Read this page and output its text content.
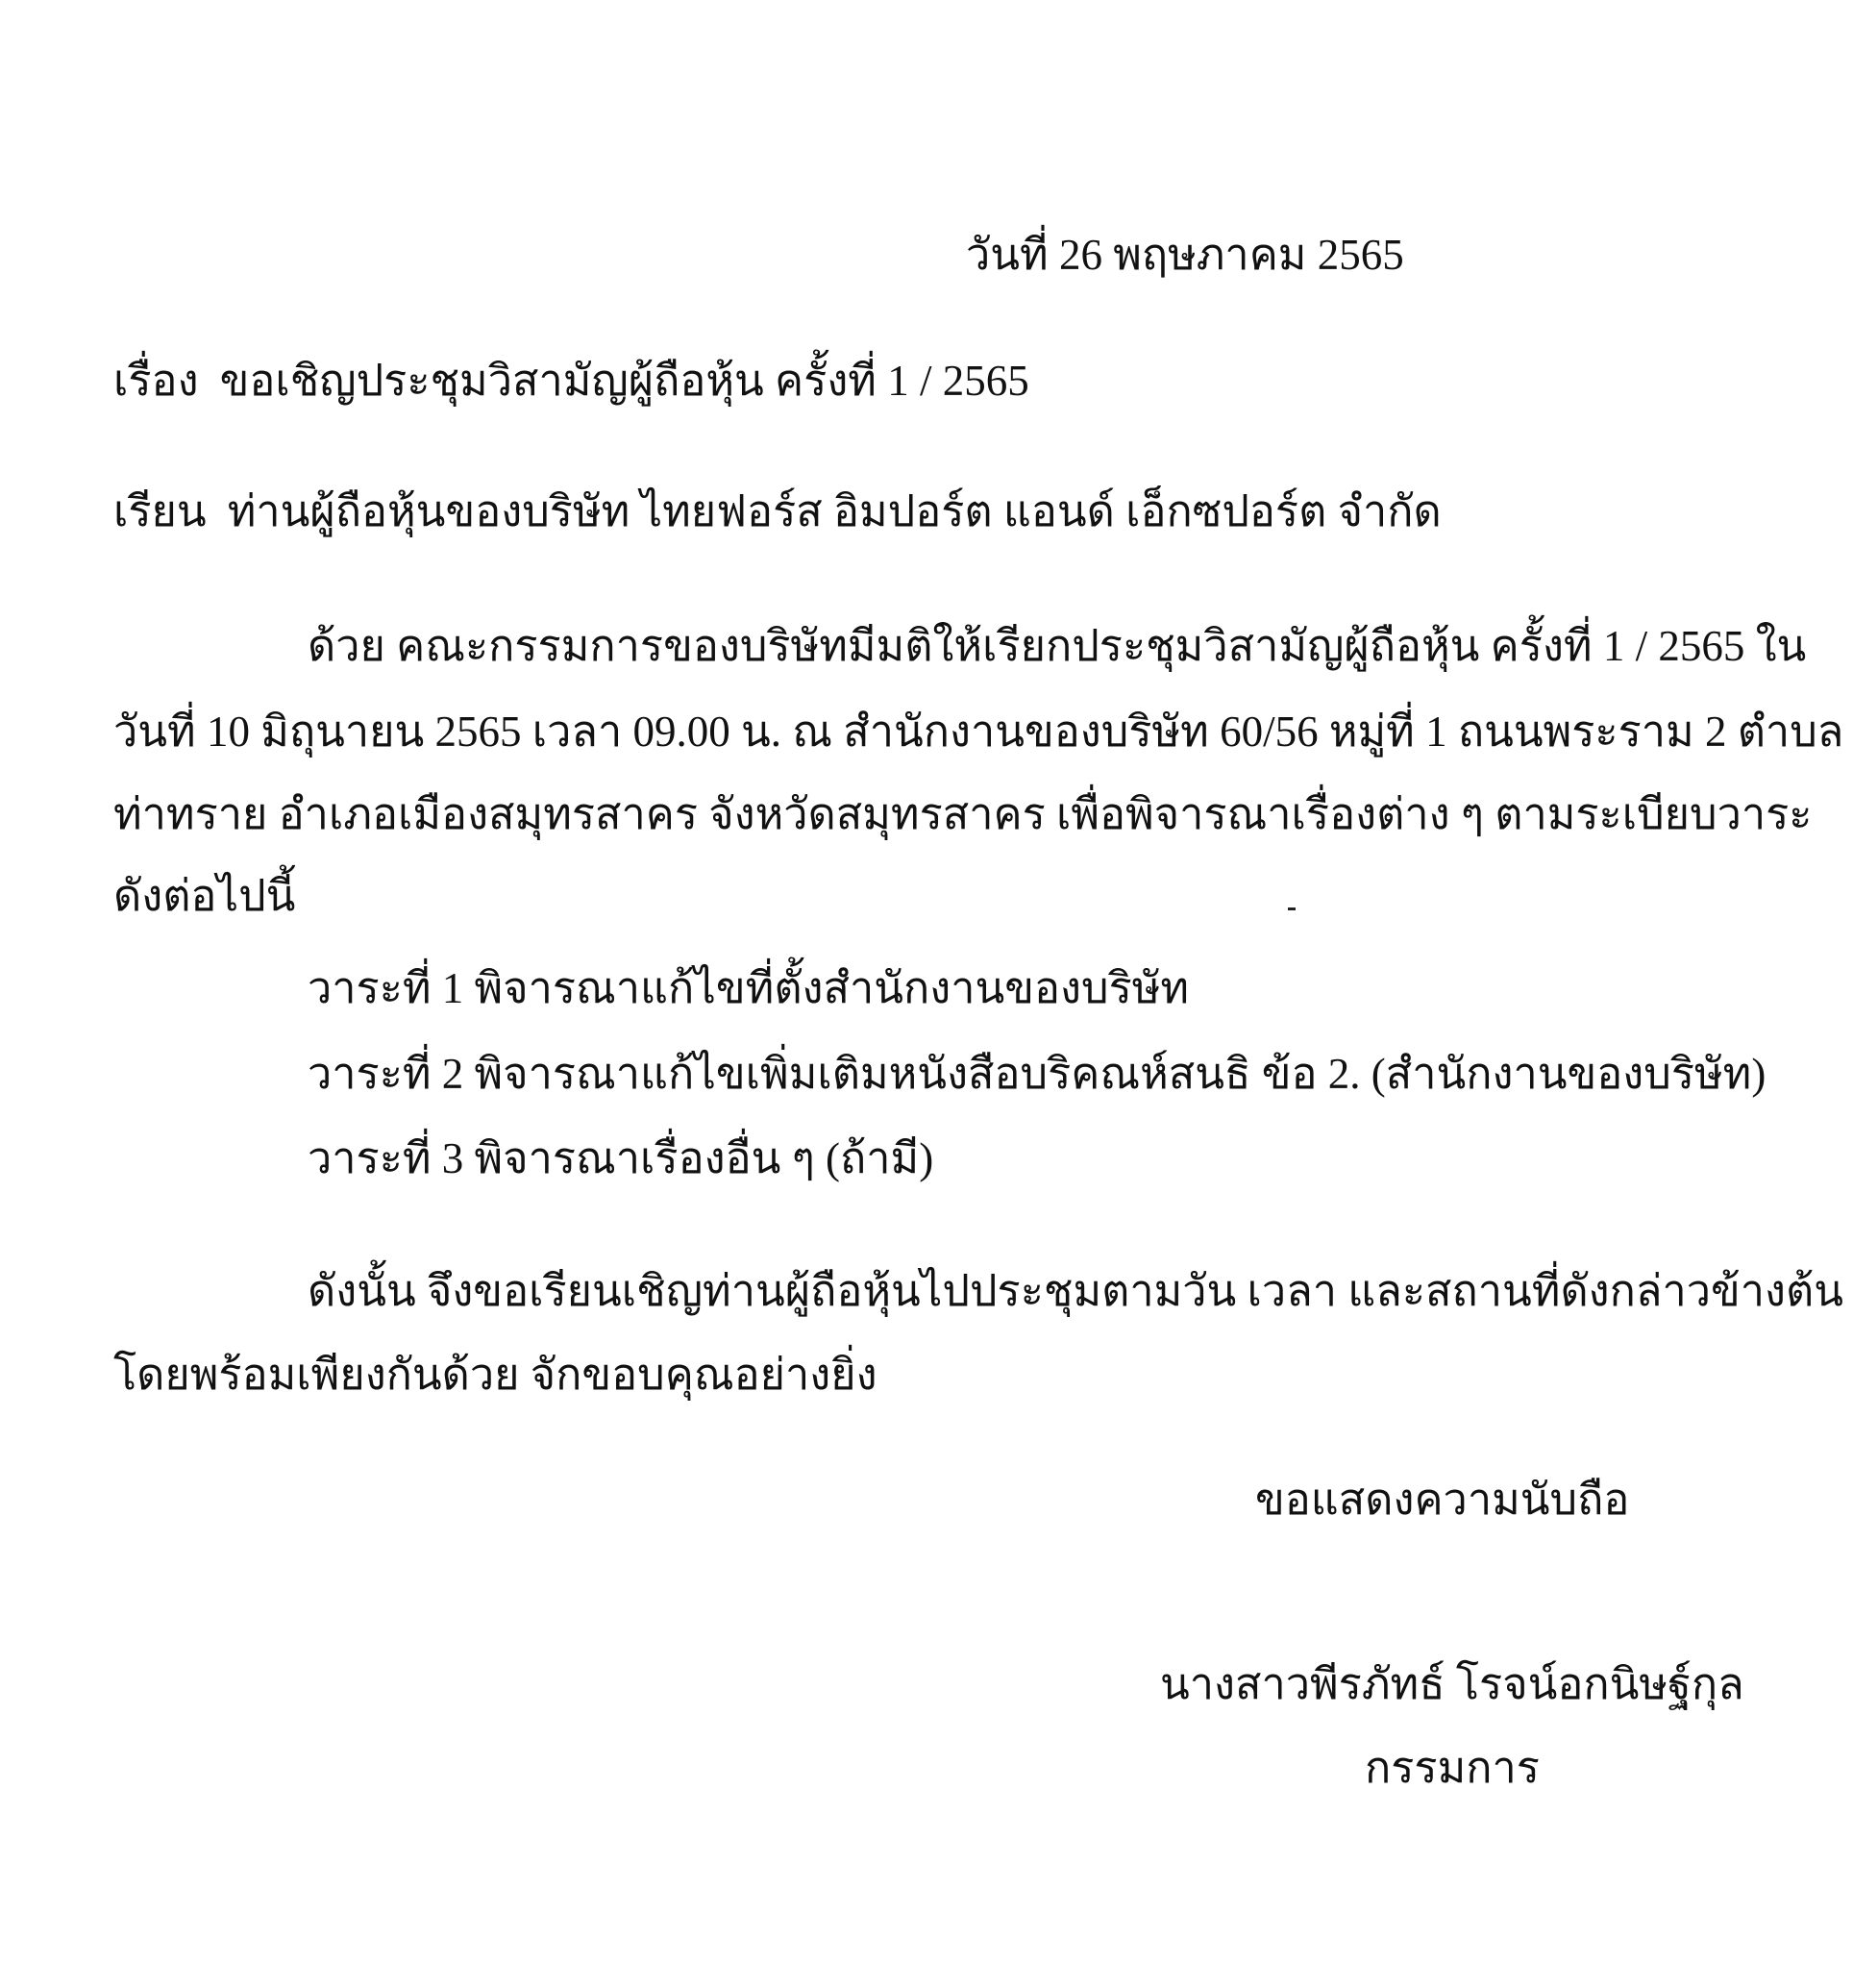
วันที่ 26 พฤษภาคม 2565
เรื่อง ขอเชิญประชุมวิสามัญผู้ถือหุ้น ครั้งที่ 1 / 2565
เรียน ท่านผู้ถือหุ้นของบริษัท ไทยฟอร์ส อิมปอร์ต แอนด์ เอ็กซปอร์ต จำกัด
ด้วย คณะกรรมการของบริษัทมีมติให้เรียกประชุมวิสามัญผู้ถือหุ้น ครั้งที่ 1 / 2565 ใน
วันที่ 10 มิถุนายน 2565 เวลา 09.00 น. ณ สำนักงานของบริษัท 60/56 หมู่ที่ 1 ถนนพระราม 2 ตำบล
ท่าทราย อำเภอเมืองสมุทรสาคร จังหวัดสมุทรสาคร เพื่อพิจารณาเรื่องต่าง ๆ ตามระเบียบวาระ
ดังต่อไปนี้
วาระที่ 1 พิจารณาแก้ไขที่ตั้งสำนักงานของบริษัท
วาระที่ 2 พิจารณาแก้ไขเพิ่มเติมหนังสือบริคณห์สนธิ ข้อ 2. (สำนักงานของบริษัท)
วาระที่ 3 พิจารณาเรื่องอื่น ๆ (ถ้ามี)
ดังนั้น จึงขอเรียนเชิญท่านผู้ถือหุ้นไปประชุมตามวัน เวลา และสถานที่ดังกล่าวข้างต้น
โดยพร้อมเพียงกันด้วย จักขอบคุณอย่างยิ่ง
ขอแสดงความนับถือ
นางสาวพีรภัทธ์ โรจน์อกนิษฐ์กุล
กรรมการ
